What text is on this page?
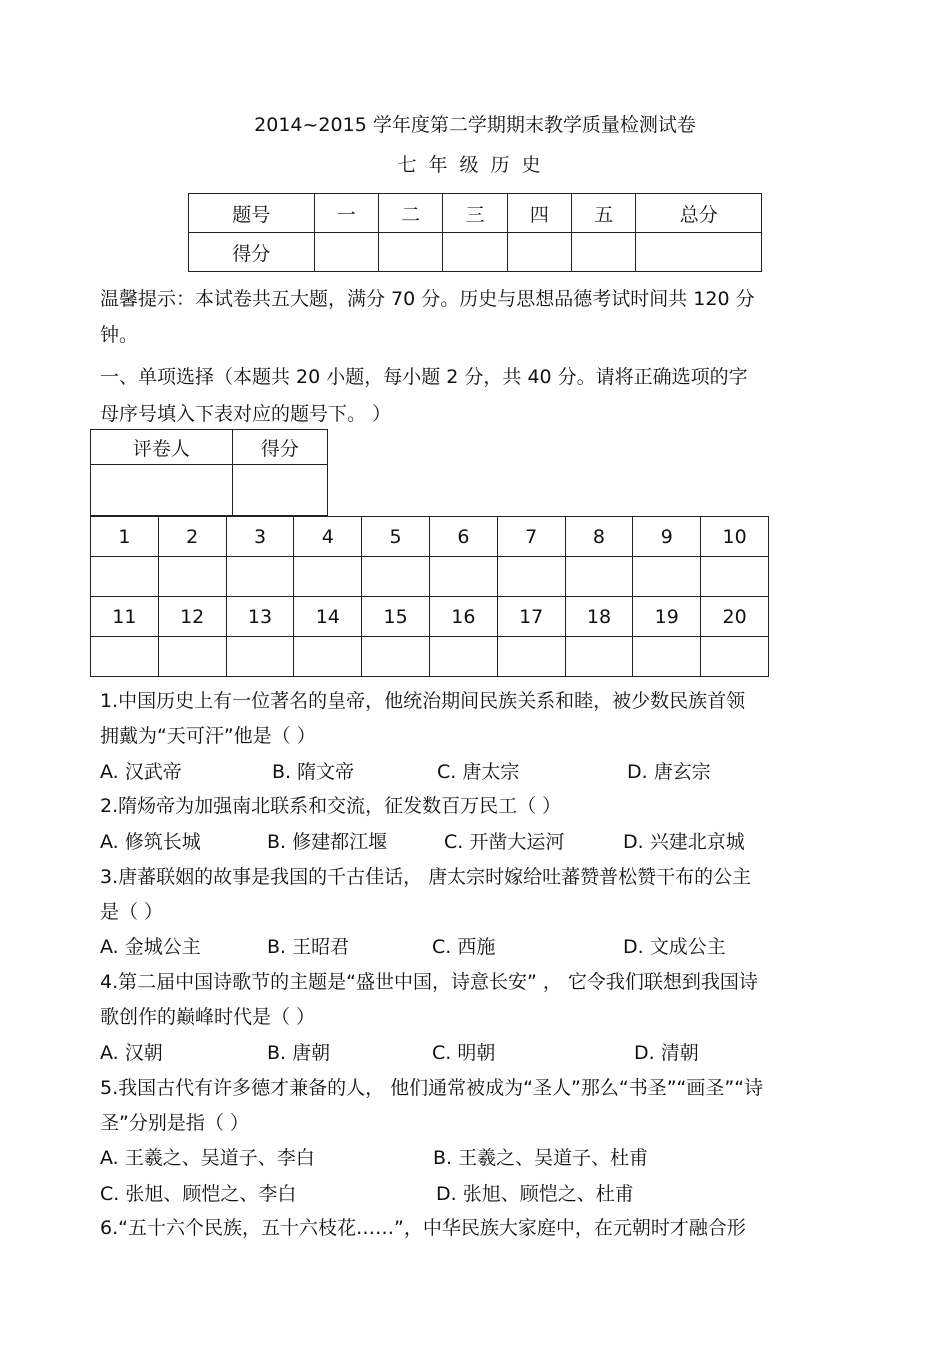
2014~2015 学年度第二学期期末教学质量检测试卷
七年级历史
题号	一	二	三	四	五	总分
得分						
温馨提示：本试卷共五大题，满分 70 分。历史与思想品德考试时间共 120 分
钟。
一、单项选择（本题共 20 小题，每小题 2 分，共 40 分。请将正确选项的字
母序号填入下表对应的题号下。 ）
评卷人	得分

1	2	3	4	5	6	7	8	9	10

11	12	13	14	15	16	17	18	19	20

1.中国历史上有一位著名的皇帝，他统治期间民族关系和睦，被少数民族首领
拥戴为“天可汗”他是（ ）
A. 汉武帝	B. 隋文帝	C. 唐太宗	D. 唐玄宗
2.隋炀帝为加强南北联系和交流，征发数百万民工（ ）
A. 修筑长城	B. 修建都江堰	C. 开凿大运河	D. 兴建北京城
3.唐蕃联姻的故事是我国的千古佳话， 唐太宗时嫁给吐蕃赞普松赞干布的公主
是（ ）
A. 金城公主	B. 王昭君	C. 西施	D. 文成公主
4.第二届中国诗歌节的主题是“盛世中国，诗意长安” ， 它令我们联想到我国诗
歌创作的巅峰时代是（ ）
A. 汉朝	B. 唐朝	C. 明朝	D. 清朝
5.我国古代有许多德才兼备的人， 他们通常被成为“圣人”那么“书圣”“画圣”“诗
圣”分别是指（ ）
A. 王羲之、吴道子、李白	B. 王羲之、吴道子、杜甫
C. 张旭、顾恺之、李白	D. 张旭、顾恺之、杜甫
6.“五十六个民族，五十六枝花……”，中华民族大家庭中，在元朝时才融合形
